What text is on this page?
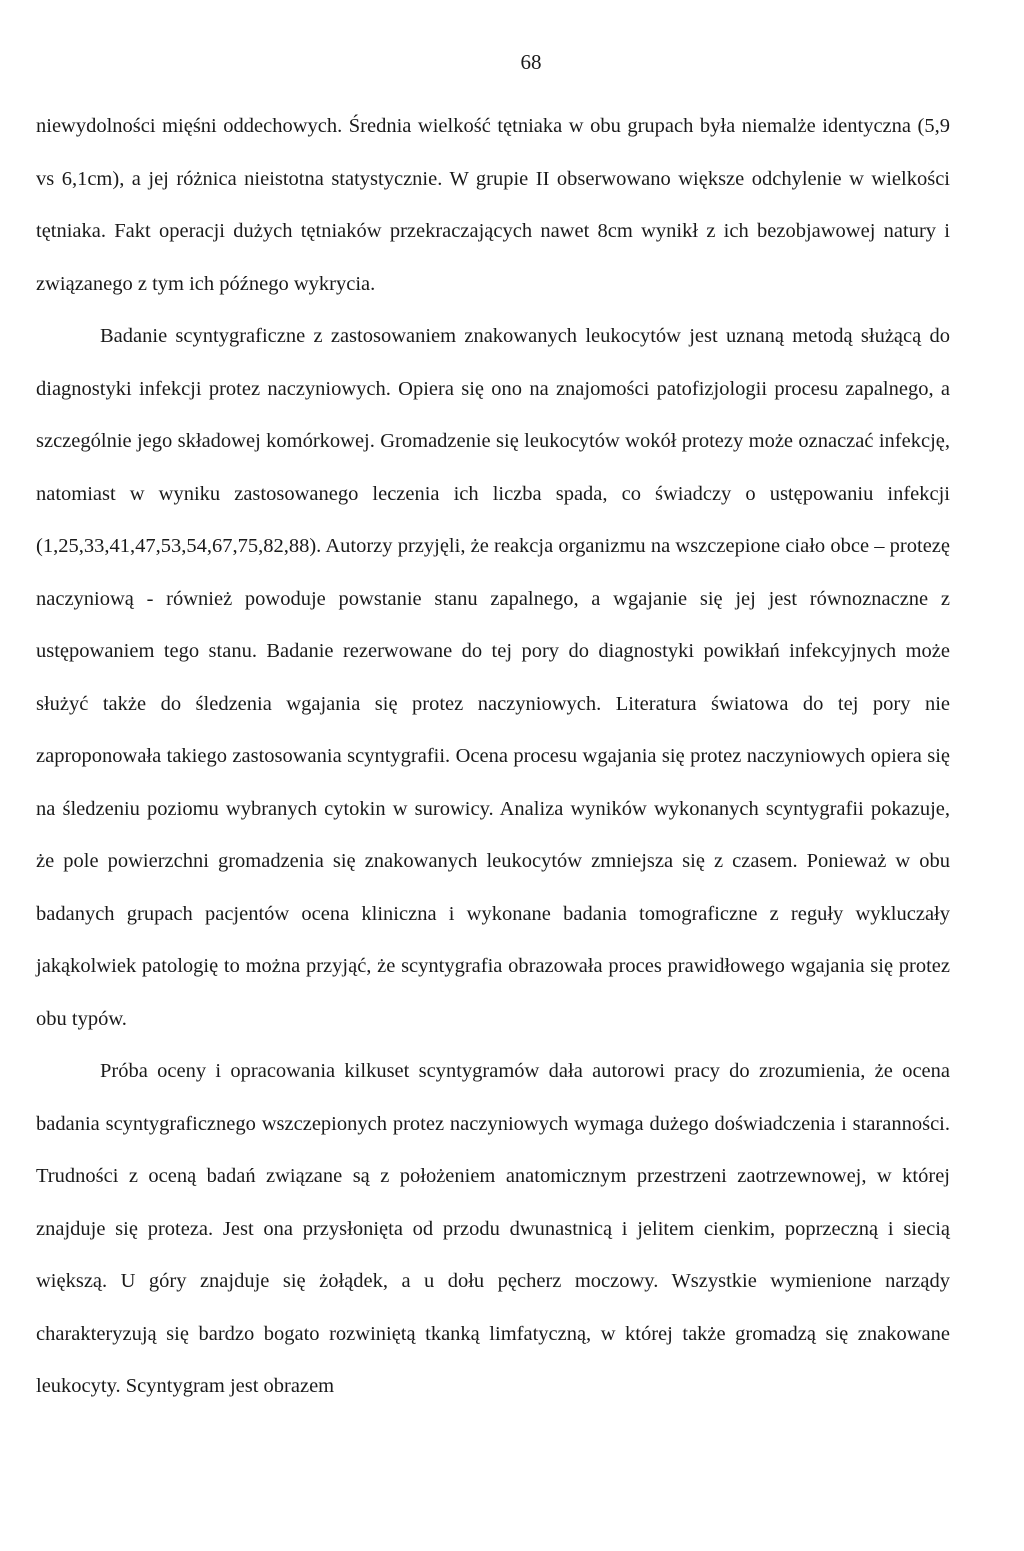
68

niewydolności mięśni oddechowych. Średnia wielkość tętniaka w obu grupach była niemalże identyczna (5,9 vs 6,1cm), a jej różnica nieistotna statystycznie. W grupie II obserwowano większe odchylenie w wielkości tętniaka. Fakt operacji dużych tętniaków przekraczających nawet 8cm wynikł z ich bezobjawowej natury i związanego z tym ich późnego wykrycia.

Badanie scyntygraficzne z zastosowaniem znakowanych leukocytów jest uznaną metodą służącą do diagnostyki infekcji protez naczyniowych. Opiera się ono na znajomości patofizjologii procesu zapalnego, a szczególnie jego składowej komórkowej. Gromadzenie się leukocytów wokół protezy może oznaczać infekcję, natomiast w wyniku zastosowanego leczenia ich liczba spada, co świadczy o ustępowaniu infekcji (1,25,33,41,47,53,54,67,75,82,88). Autorzy przyjęli, że reakcja organizmu na wszczepione ciało obce – protezę naczyniową - również powoduje powstanie stanu zapalnego, a wgajanie się jej jest równoznaczne z ustępowaniem tego stanu. Badanie rezerwowane do tej pory do diagnostyki powikłań infekcyjnych może służyć także do śledzenia wgajania się protez naczyniowych. Literatura światowa do tej pory nie zaproponowała takiego zastosowania scyntygrafii. Ocena procesu wgajania się protez naczyniowych opiera się na śledzeniu poziomu wybranych cytokin w surowicy. Analiza wyników wykonanych scyntygrafii pokazuje, że pole powierzchni gromadzenia się znakowanych leukocytów zmniejsza się z czasem. Ponieważ w obu badanych grupach pacjentów ocena kliniczna i wykonane badania tomograficzne z reguły wykluczały jakąkolwiek patologię to można przyjąć, że scyntygrafia obrazowała proces prawidłowego wgajania się protez obu typów.

Próba oceny i opracowania kilkuset scyntygramów dała autorowi pracy do zrozumienia, że ocena badania scyntygraficznego wszczepionych protez naczyniowych wymaga dużego doświadczenia i staranności. Trudności z oceną badań związane są z położeniem anatomicznym przestrzeni zaotrzewnowej, w której znajduje się proteza. Jest ona przysłonięta od przodu dwunastnicą i jelitem cienkim, poprzeczną i siecią większą. U góry znajduje się żołądek, a u dołu pęcherz moczowy. Wszystkie wymienione narządy charakteryzują się bardzo bogato rozwiniętą tkanką limfatyczną, w której także gromadzą się znakowane leukocyty. Scyntygram jest obrazem
